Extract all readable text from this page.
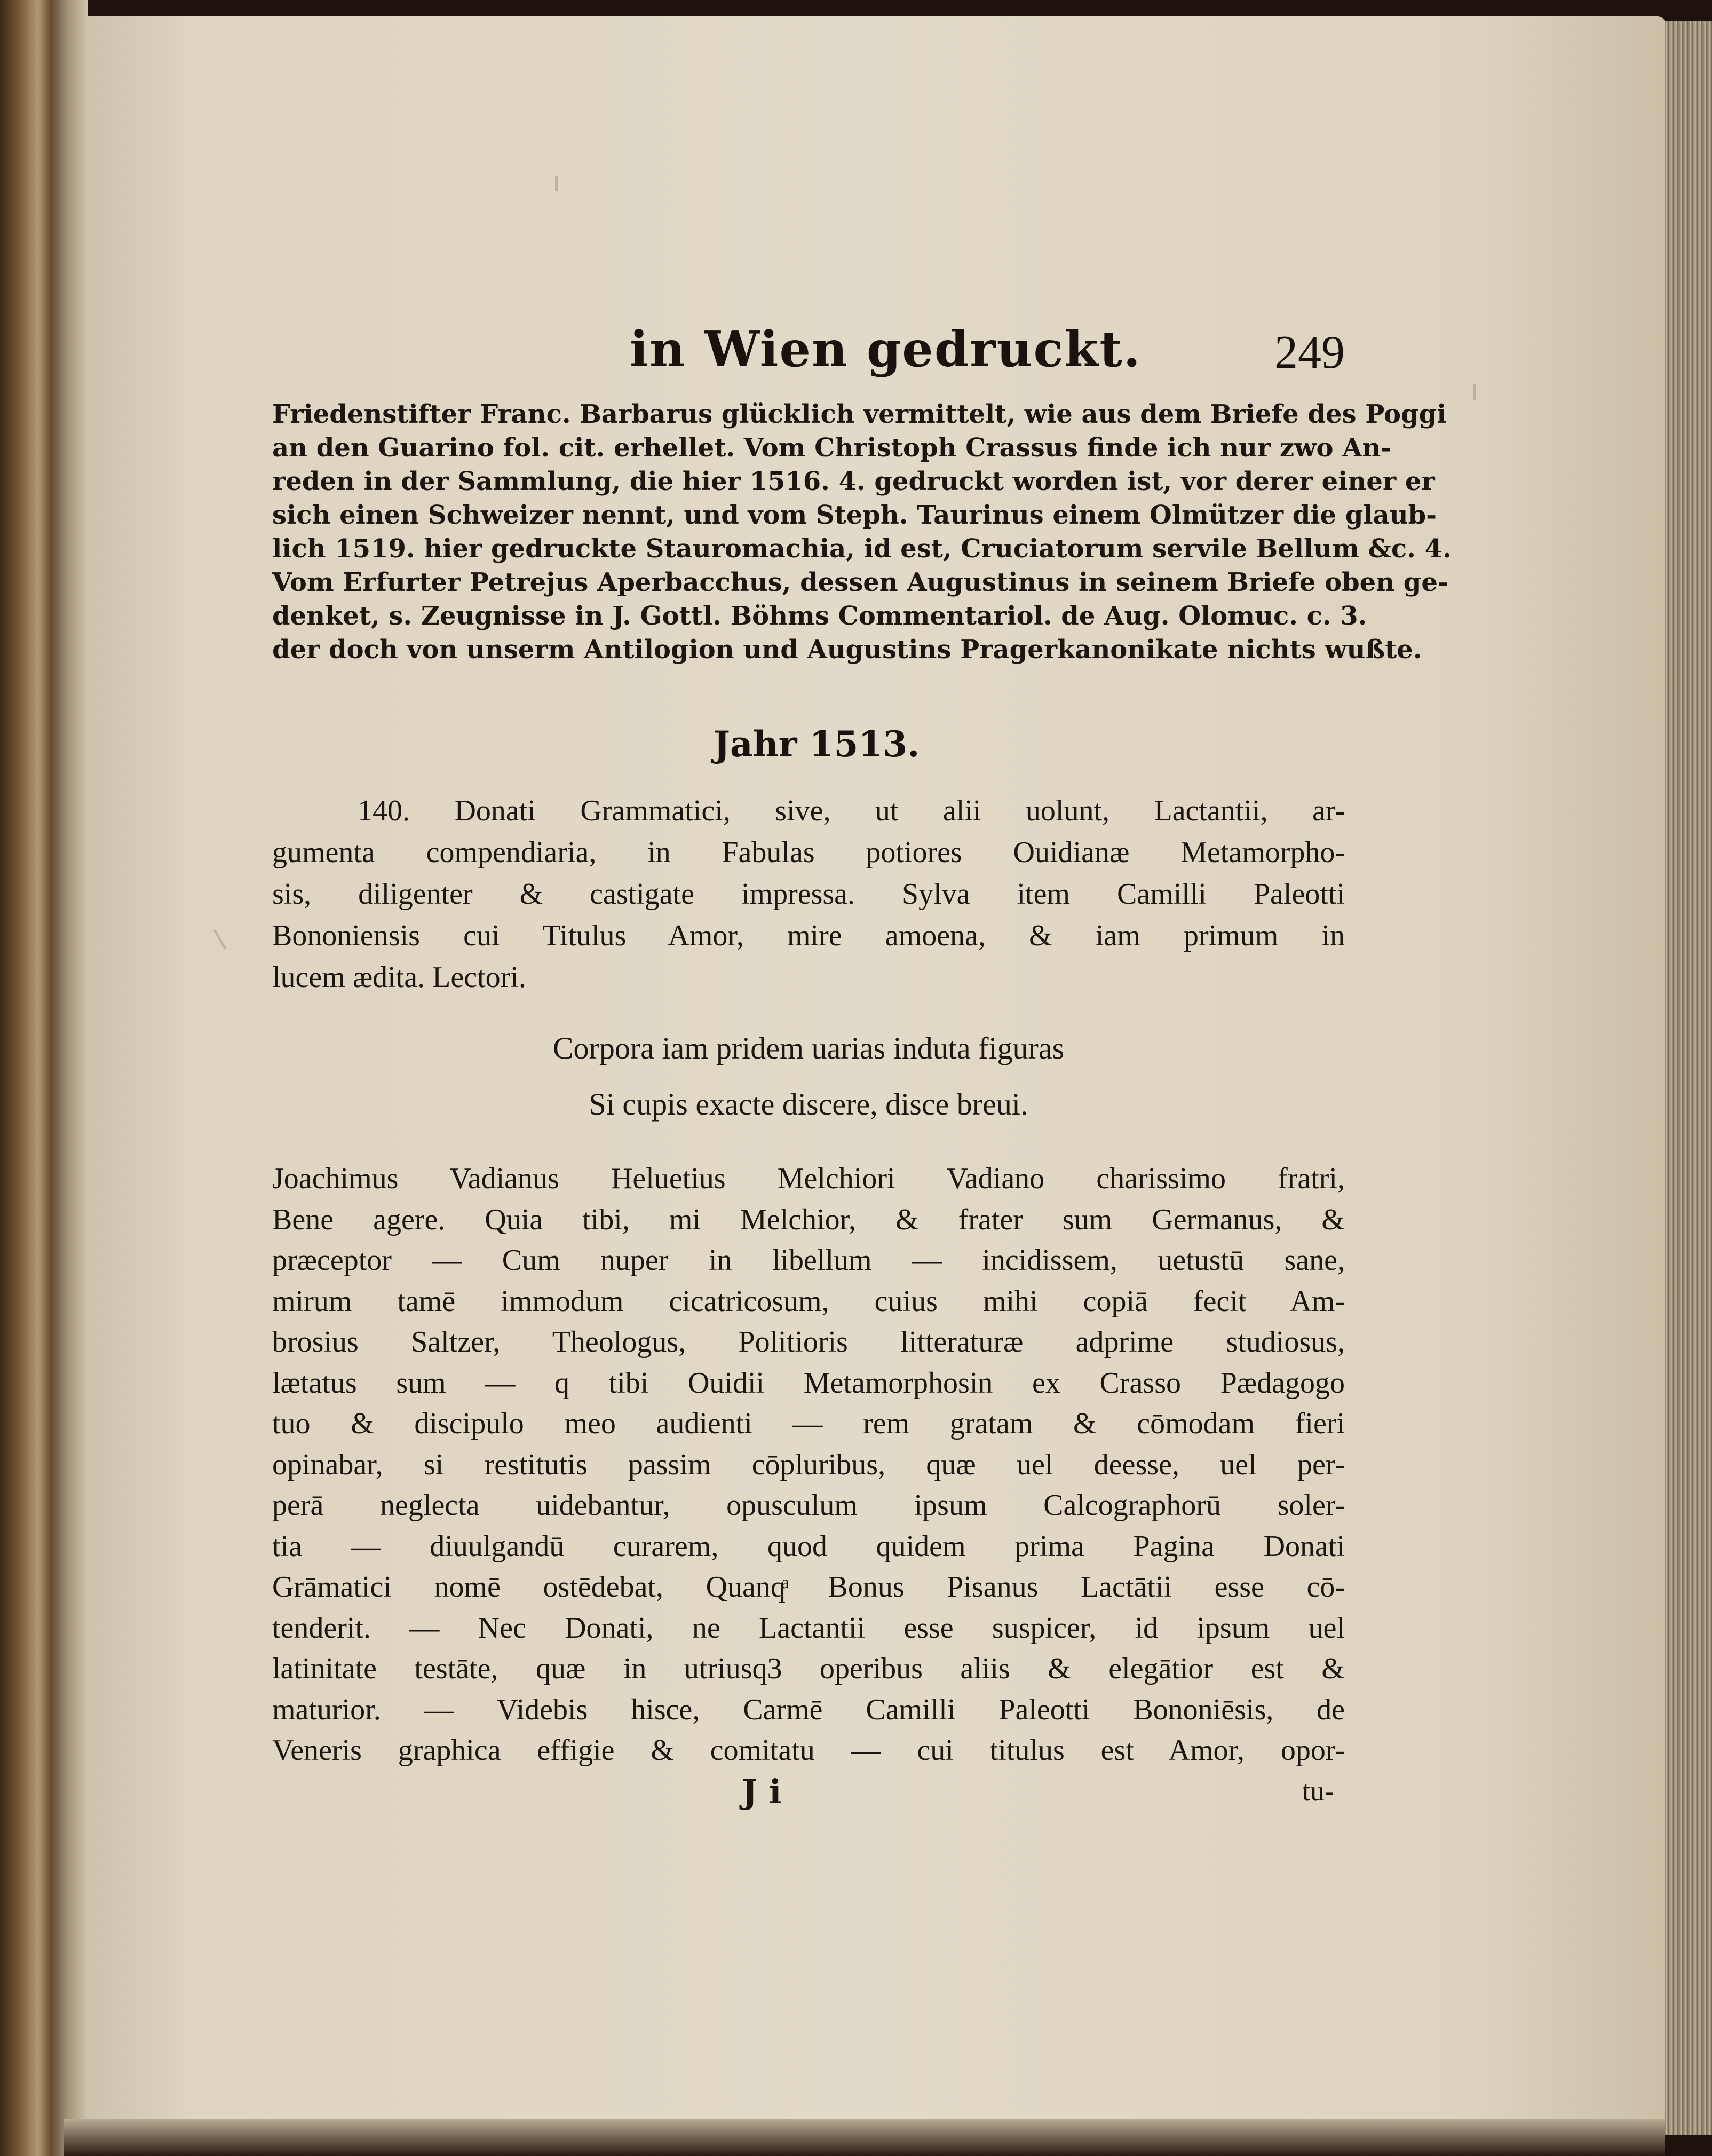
in Wien gedruckt.	249
Friedenstifter Franc. Barbarus glücklich vermittelt, wie aus dem Briefe des Poggi
an den Guarino fol. cit. erhellet. Vom Christoph Crassus finde ich nur zwo An-
reden in der Sammlung, die hier 1516. 4. gedruckt worden ist, vor derer einer er
sich einen Schweizer nennt, und vom Steph. Taurinus einem Olmützer die glaub-
lich 1519. hier gedruckte Stauromachia, id est, Cruciatorum servile Bellum &c. 4.
Vom Erfurter Petrejus Aperbacchus, dessen Augustinus in seinem Briefe oben ge-
denket, s. Zeugnisse in J. Gottl. Böhms Commentariol. de Aug. Olomuc. c. 3.
der doch von unserm Antilogion und Augustins Pragerkanonikate nichts wußte.
Jahr 1513.
140. Donati Grammatici, sive, ut alii uolunt, Lactantii, ar-
gumenta compendiaria, in Fabulas potiores Ouidianæ Metamorpho-
sis, diligenter & castigate impressa. Sylva item Camilli Paleotti
Bononiensis cui Titulus Amor, mire amoena, & iam primum in
lucem ædita. Lectori.
Corpora iam pridem uarias induta figuras
Si cupis exacte discere, disce breui.
Joachimus Vadianus Heluetius Melchiori Vadiano charissimo fratri,
Bene agere. Quia tibi, mi Melchior, & frater sum Germanus, &
præceptor — Cum nuper in libellum — incidissem, uetustū sane,
mirum tamē immodum cicatricosum, cuius mihi copiā fecit Am-
brosius Saltzer, Theologus, Politioris litteraturæ adprime studiosus,
lætatus sum — q tibi Ouidii Metamorphosin ex Crasso Pædagogo
tuo & discipulo meo audienti — rem gratam & cōmodam fieri
opinabar, si restitutis passim cōpluribus, quæ uel deesse, uel per-
perā neglecta uidebantur, opusculum ipsum Calcographorū soler-
tia — diuulgandū curarem, quod quidem prima Pagina Donati
Grāmatici nomē ostēdebat, Quanqͣ Bonus Pisanus Lactātii esse cō-
tenderit. — Nec Donati, ne Lactantii esse suspicer, id ipsum uel
latinitate testāte, quæ in utriusq3 operibus aliis & elegātior est &
maturior. — Videbis hisce, Carmē Camilli Paleotti Bononiēsis, de
Veneris graphica effigie & comitatu — cui titulus est Amor, opor-
J i	tu-
